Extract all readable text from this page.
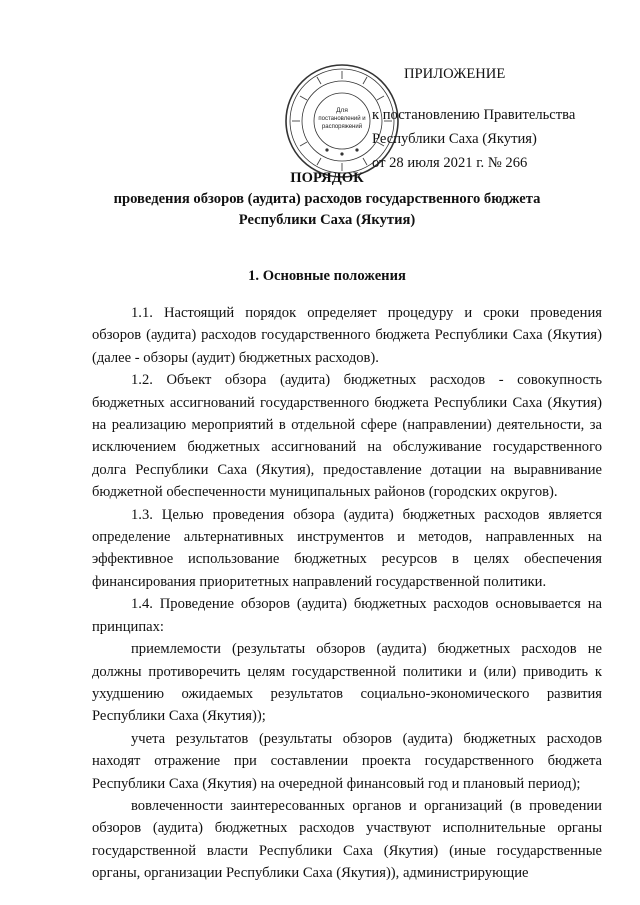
Для
постановлений и
распоряжений
ПРИЛОЖЕНИЕ
к постановлению Правительства
Республики Саха (Якутия)
от 28 июля 2021 г. № 266
ПОРЯДОК
проведения обзоров (аудита) расходов государственного бюджета
Республики Саха (Якутия)
1. Основные положения

1.1. Настоящий порядок определяет процедуру и сроки проведения обзоров (аудита) расходов государственного бюджета Республики Саха (Якутия) (далее - обзоры (аудит) бюджетных расходов).

1.2. Объект обзора (аудита) бюджетных расходов - совокупность бюджетных ассигнований государственного бюджета Республики Саха (Якутия) на реализацию мероприятий в отдельной сфере (направлении) деятельности, за исключением бюджетных ассигнований на обслуживание государственного долга Республики Саха (Якутия), предоставление дотации на выравнивание бюджетной обеспеченности муниципальных районов (городских округов).

1.3. Целью проведения обзора (аудита) бюджетных расходов является определение альтернативных инструментов и методов, направленных на эффективное использование бюджетных ресурсов в целях обеспечения финансирования приоритетных направлений государственной политики.

1.4. Проведение обзоров (аудита) бюджетных расходов основывается на принципах:

приемлемости (результаты обзоров (аудита) бюджетных расходов не должны противоречить целям государственной политики и (или) приводить к ухудшению ожидаемых результатов социально-экономического развития Республики Саха (Якутия));

учета результатов (результаты обзоров (аудита) бюджетных расходов находят отражение при составлении проекта государственного бюджета Республики Саха (Якутия) на очередной финансовый год и плановый период);

вовлеченности заинтересованных органов и организаций (в проведении обзоров (аудита) бюджетных расходов участвуют исполнительные органы государственной власти Республики Саха (Якутия) (иные государственные органы, организации Республики Саха (Якутия)), администрирующие
